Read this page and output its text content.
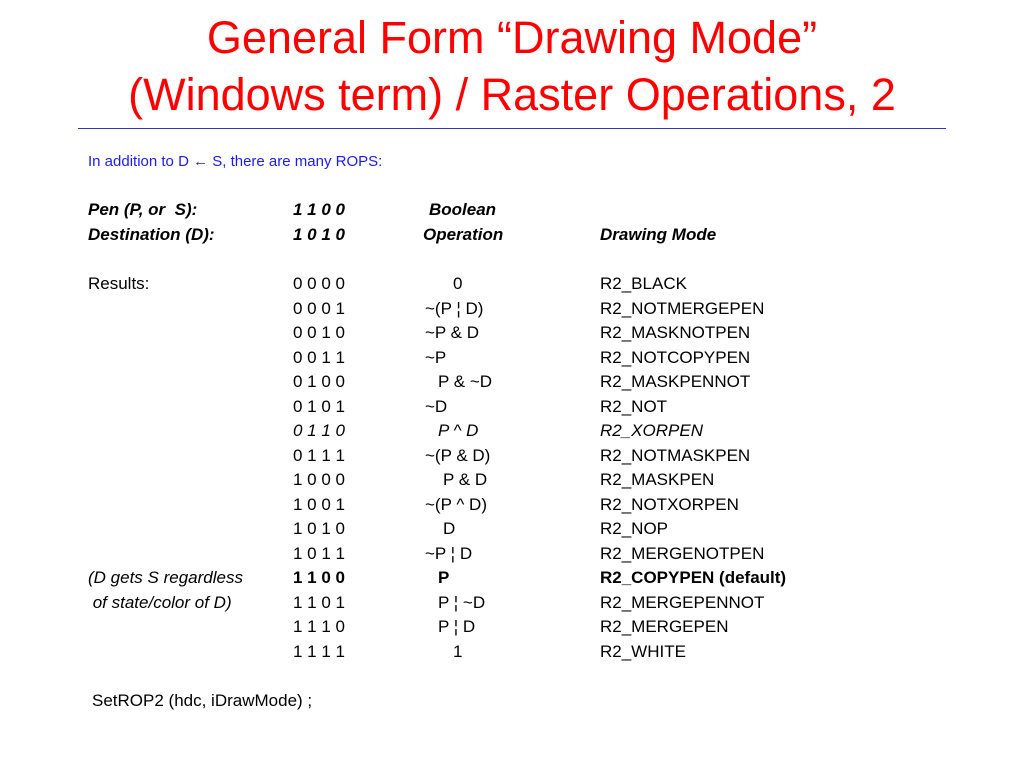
General Form “Drawing Mode”
(Windows term) / Raster Operations, 2
In addition to D ← S, there are many ROPS:
Pen (P, or  S):	1 1 0 0	Boolean
Destination (D):	1 0 1 0	Operation	Drawing Mode
Results:	0 0 0 0	0	R2_BLACK
0 0 0 1	~(P ¦ D)	R2_NOTMERGEPEN
0 0 1 0	~P & D	R2_MASKNOTPEN
0 0 1 1	~P	R2_NOTCOPYPEN
0 1 0 0	P & ~D	R2_MASKPENNOT
0 1 0 1	~D	R2_NOT
0 1 1 0	P ^ D	R2_XORPEN
0 1 1 1	~(P & D)	R2_NOTMASKPEN
1 0 0 0	P & D	R2_MASKPEN
1 0 0 1	~(P ^ D)	R2_NOTXORPEN
1 0 1 0	D	R2_NOP
1 0 1 1	~P ¦ D	R2_MERGENOTPEN
(D gets S regardless	1 1 0 0	P	R2_COPYPEN (default)
of state/color of D)	1 1 0 1	P ¦ ~D	R2_MERGEPENNOT
1 1 1 0	P ¦ D	R2_MERGEPEN
1 1 1 1	1	R2_WHITE
SetROP2 (hdc, iDrawMode) ;
